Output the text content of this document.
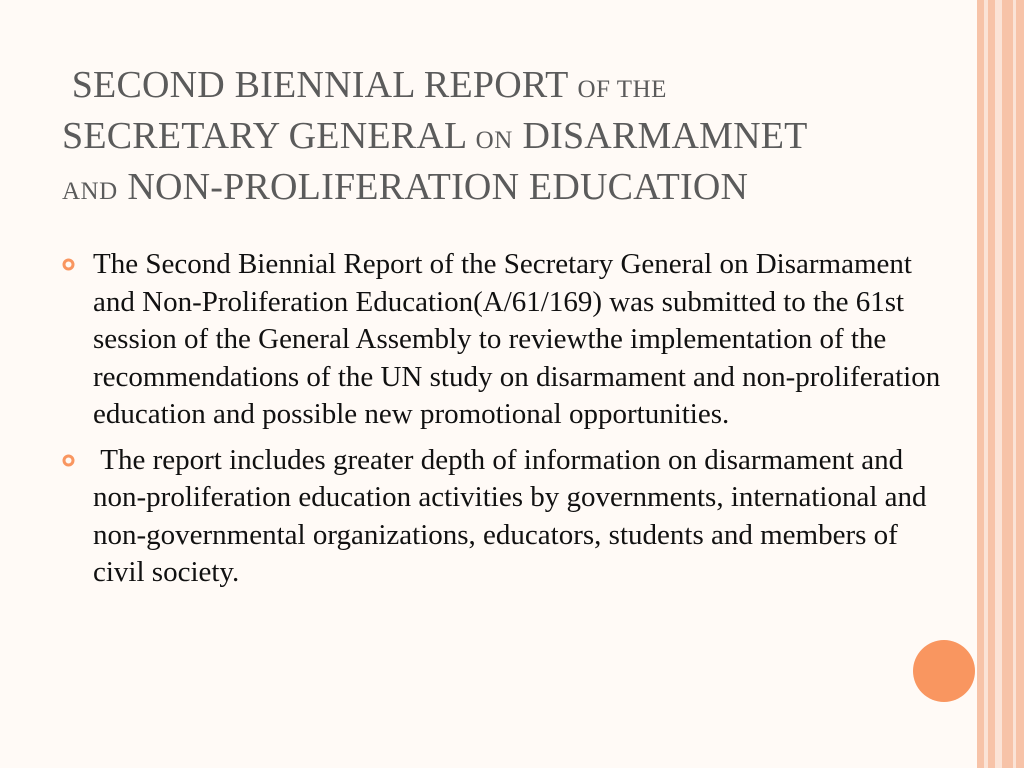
SECOND BIENNIAL REPORT OF THE
SECRETARY GENERAL ON DISARMAMNET
AND NON-PROLIFERATION EDUCATION
The Second Biennial Report of the Secretary General on Disarmament and Non-Proliferation Education(A/61/169) was submitted to the 61st session of the General Assembly to reviewthe implementation of the recommendations of the UN study on disarmament and non-proliferation education and possible new promotional opportunities.
The report includes greater depth of information on disarmament and non-proliferation education activities by governments, international and non-governmental organizations, educators, students and members of civil society.
